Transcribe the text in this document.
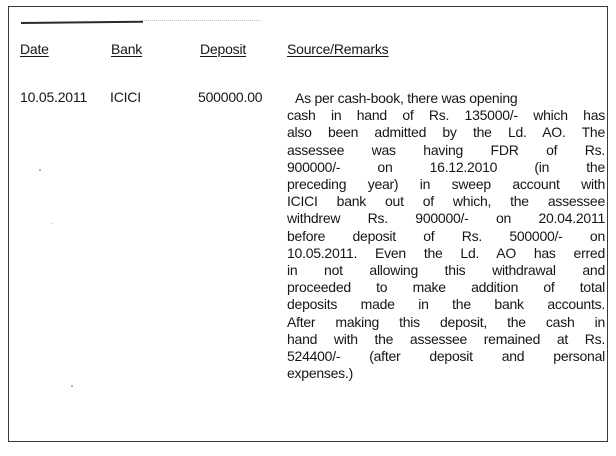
Date	Bank	Deposit	Source/Remarks
10.05.2011 ICICI	500000.00	As per cash-book, there was opening
cash in hand of Rs. 135000/- which has
also been admitted by the Ld. AO. The
assessee was having FDR of Rs.
900000/- on 16.12.2010 (in the
preceding year) in sweep account with
ICICI bank out of which, the assessee
withdrew Rs. 900000/- on 20.04.2011
before deposit of Rs. 500000/- on
10.05.2011. Even the Ld. AO has erred
in not allowing this withdrawal and
proceeded to make addition of total
deposits made in the bank accounts.
After making this deposit, the cash in
hand with the assessee remained at Rs.
524400/- (after deposit and personal
expenses.)
